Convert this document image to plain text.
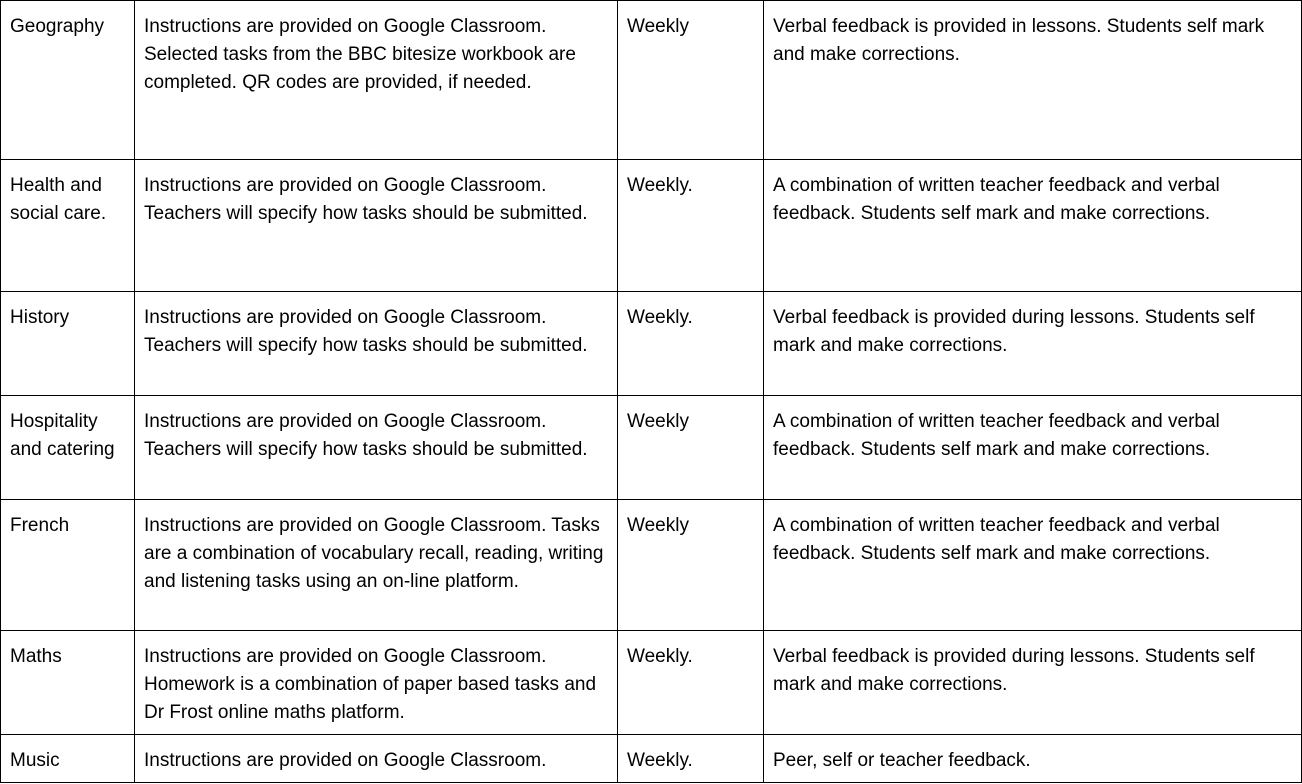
Geography	Instructions are provided on Google Classroom. Selected tasks from the BBC bitesize workbook are completed. QR codes are provided, if needed.	Weekly	Verbal feedback is provided in lessons. Students self mark and make corrections.
Health and social care.	Instructions are provided on Google Classroom. Teachers will specify how tasks should be submitted.	Weekly.	A combination of written teacher feedback and verbal feedback. Students self mark and make corrections.
History	Instructions are provided on Google Classroom. Teachers will specify how tasks should be submitted.	Weekly.	Verbal feedback is provided during lessons. Students self mark and make corrections.
Hospitality and catering	Instructions are provided on Google Classroom. Teachers will specify how tasks should be submitted.	Weekly	A combination of written teacher feedback and verbal feedback. Students self mark and make corrections.
French	Instructions are provided on Google Classroom. Tasks are a combination of vocabulary recall, reading, writing and listening tasks using an on-line platform.	Weekly	A combination of written teacher feedback and verbal feedback. Students self mark and make corrections.
Maths	Instructions are provided on Google Classroom. Homework is a combination of paper based tasks and Dr Frost online maths platform.	Weekly.	Verbal feedback is provided during lessons. Students self mark and make corrections.
Music	Instructions are provided on Google Classroom.	Weekly.	Peer, self or teacher feedback.
